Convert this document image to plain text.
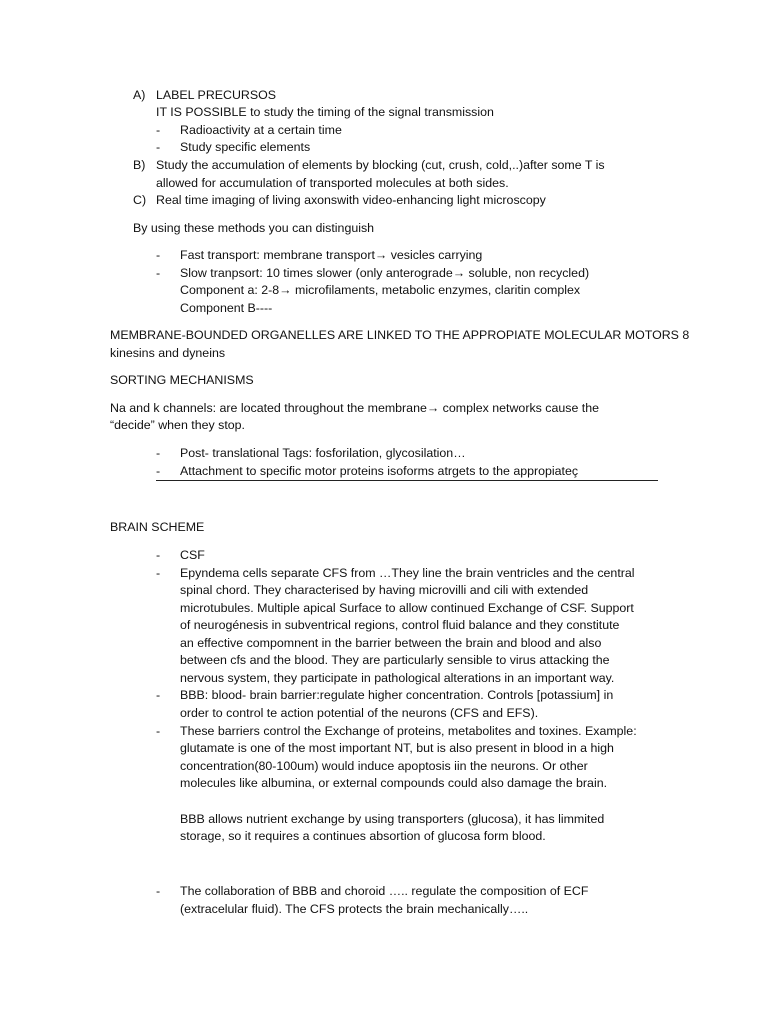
A) LABEL PRECURSOS
IT IS POSSIBLE to study the timing of the signal transmission
- Radioactivity at a certain time
- Study specific elements
B) Study the accumulation of elements by blocking (cut, crush, cold,..)after some T is
allowed for accumulation of transported molecules at both sides.
C) Real time imaging of living axonswith video-enhancing light microscopy
By using these methods you can distinguish
- Fast transport: membrane transport→ vesicles carrying
- Slow tranpsort: 10 times slower (only anterograde→ soluble, non recycled)
Component a: 2-8→ microfilaments, metabolic enzymes, claritin complex
Component B----
MEMBRANE-BOUNDED ORGANELLES ARE LINKED TO THE APPROPIATE MOLECULAR MOTORS 8
kinesins and dyneins
SORTING MECHANISMS
Na and k channels: are located throughout the membrane→ complex networks cause the
“decide” when they stop.
- Post- translational Tags: fosforilation, glycosilation…
- Attachment to specific motor proteins isoforms atrgets to the appropiateç
BRAIN SCHEME
- CSF
- Epyndema cells separate CFS from …They line the brain ventricles and the central
spinal chord. They characterised by having microvilli and cili with extended
microtubules. Multiple apical Surface to allow continued Exchange of CSF. Support
of neurogénesis in subventrical regions, control fluid balance and they constitute
an effective compomnent in the barrier between the brain and blood and also
between cfs and the blood. They are particularly sensible to virus attacking the
nervous system, they participate in pathological alterations in an important way.
- BBB: blood- brain barrier:regulate higher concentration. Controls [potassium] in
order to control te action potential of the neurons (CFS and EFS).
- These barriers control the Exchange of proteins, metabolites and toxines. Example:
glutamate is one of the most important NT, but is also present in blood in a high
concentration(80-100um) would induce apoptosis iin the neurons. Or other
molecules like albumina, or external compounds could also damage the brain.
BBB allows nutrient exchange by using transporters (glucosa), it has limmited
storage, so it requires a continues absortion of glucosa form blood.
- The collaboration of BBB and choroid ….. regulate the composition of ECF
(extracelular fluid). The CFS protects the brain mechanically…..
